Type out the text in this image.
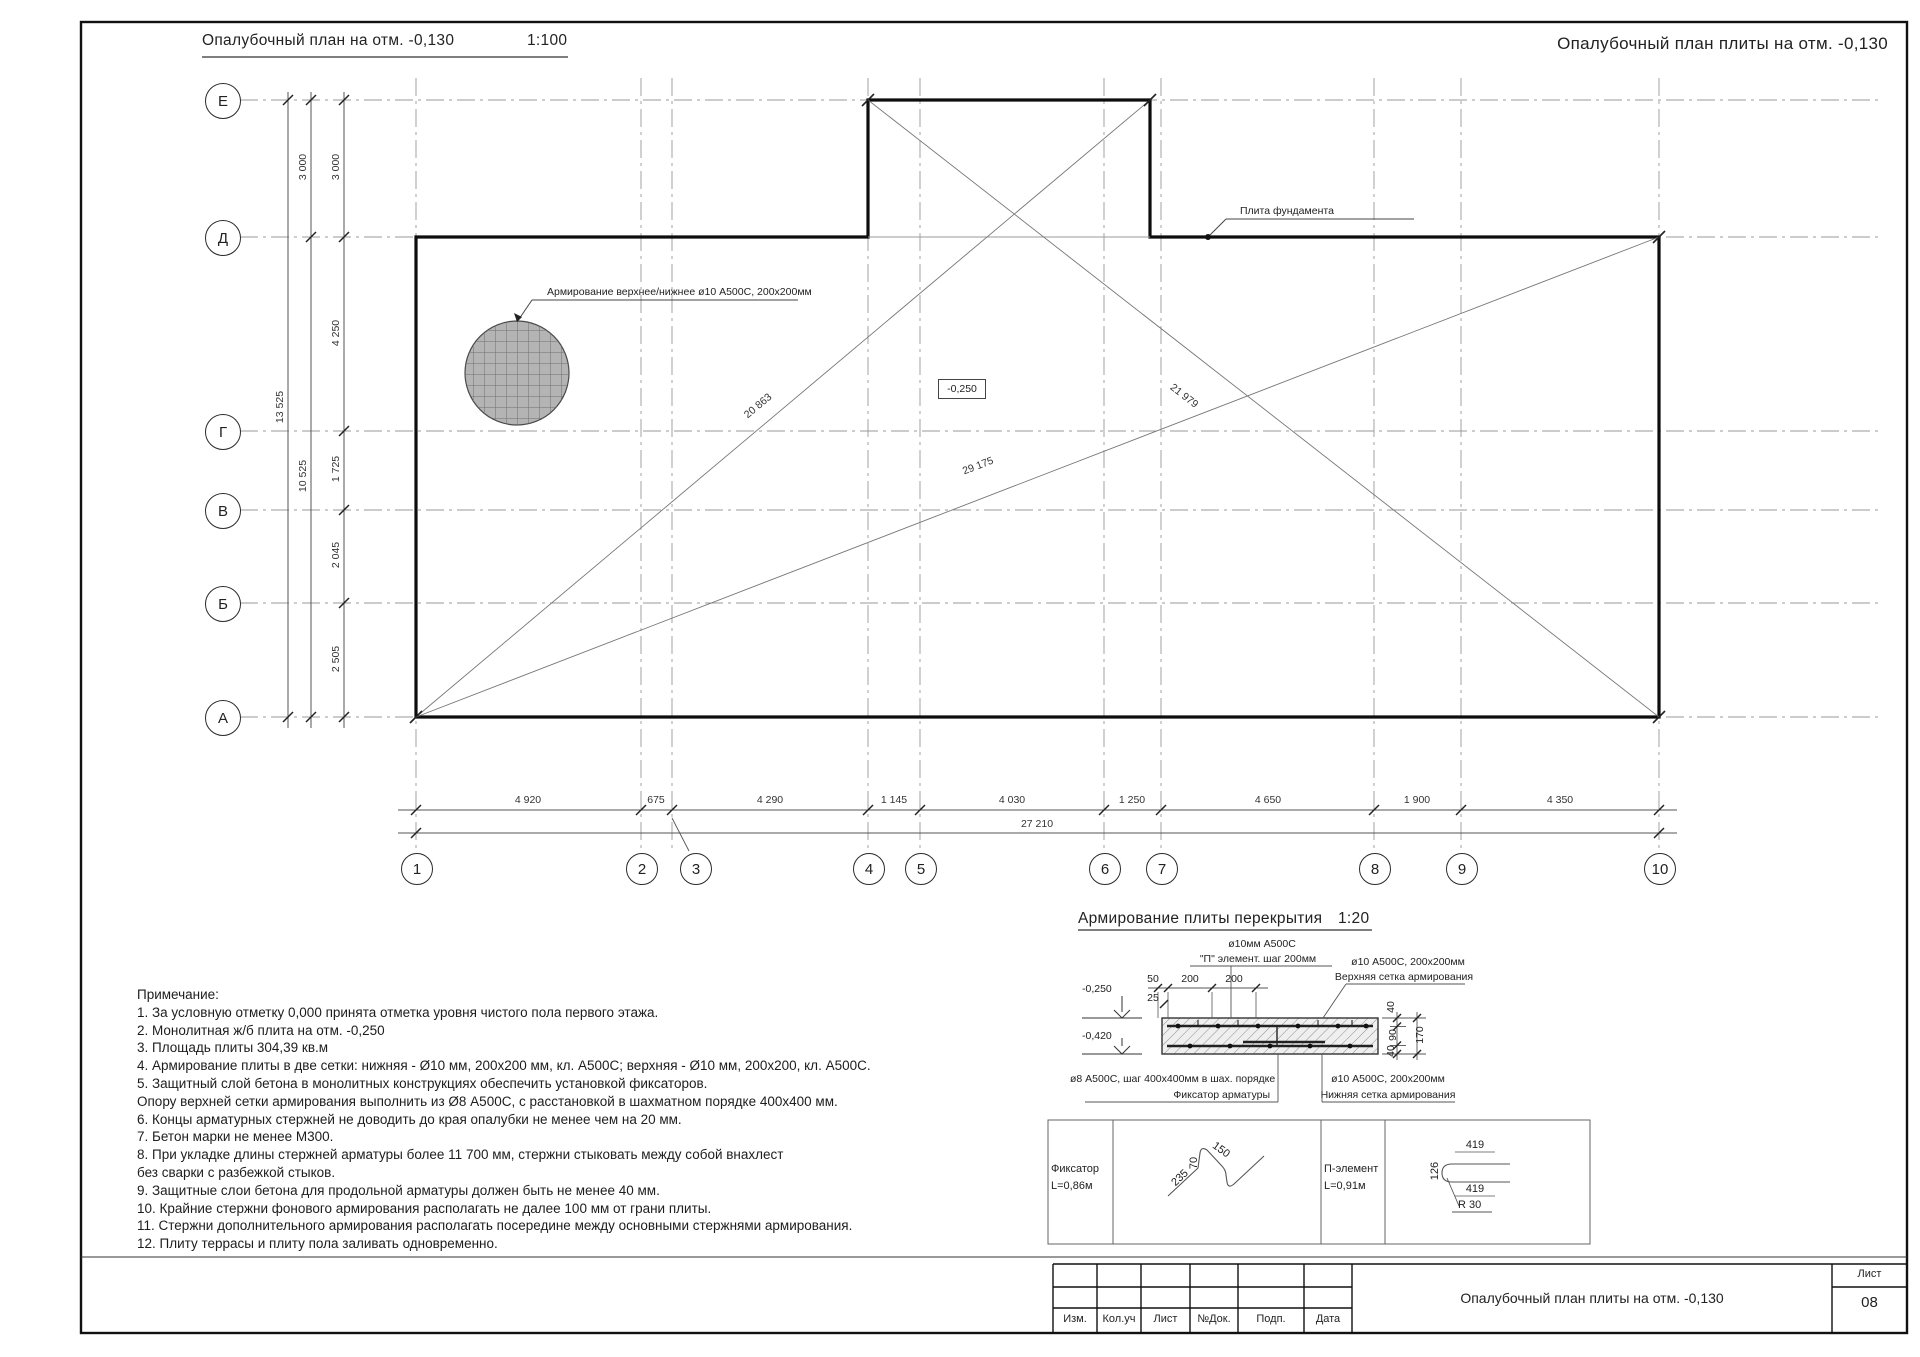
Опалубочный план на отм. -0,130	1:100	Опалубочный план плиты на отм. -0,130
Е
Д
Г
В
Б
А
1	2	3	4	5	6	7	8	9	10
4 920	675	4 290	1 145	4 030	1 250	4 650	1 900	4 350
27 210
3 000
4 250
1 725
2 045
2 505
3 000
10 525
13 525	20 863
29 175
21 979
Армирование верхнее/нижнее ø10 А500С, 200х200мм
Плита фундамента
-0,250
Примечание:
1. За условную отметку 0,000 принята отметка уровня чистого пола первого этажа.
2. Монолитная ж/б плита на отм. -0,250
3. Площадь плиты 304,39 кв.м
4. Армирование плиты в две сетки: нижняя - Ø10 мм, 200х200 мм, кл. А500С; верхняя - Ø10 мм, 200х200, кл. А500С.
5. Защитный слой бетона в монолитных конструкциях обеспечить установкой фиксаторов.
Опору верхней сетки армирования выполнить из Ø8 А500С, с расстановкой в шахматном порядке 400х400 мм.
6. Концы арматурных стержней не доводить до края опалубки не менее чем на 20 мм.
7. Бетон марки не менее М300.
8. При укладке длины стержней арматуры более 11 700 мм, стержни стыковать между собой внахлест
без сварки с разбежкой стыков.
9. Защитные слои бетона для продольной арматуры должен быть не менее 40 мм.
10. Крайние стержни фонового армирования располагать не далее 100 мм от грани плиты.
11. Стержни дополнительного армирования располагать посередине между основными стержнями армирования.
12. Плиту террасы и плиту пола заливать одновременно.
Армирование плиты перекрытия 1:20
ø10мм А500С
"П" элемент. шаг 200мм	ø10 А500С, 200х200мм
Верхняя сетка армирования
-0,250
-0,420
50	200	200
25
40
90 170
40
ø8 А500С, шаг 400х400мм в шах. порядке
Фиксатор арматуры
ø10 А500С, 200х200мм
Нижняя сетка армирования
Фиксатор
L=0,86м	235
70
150
П-элемент
L=0,91м
419
126
419
R 30
Изм.	Кол.уч	Лист	№Док.	Подп.	Дата
Опалубочный план плиты на отм. -0,130
Лист
08
